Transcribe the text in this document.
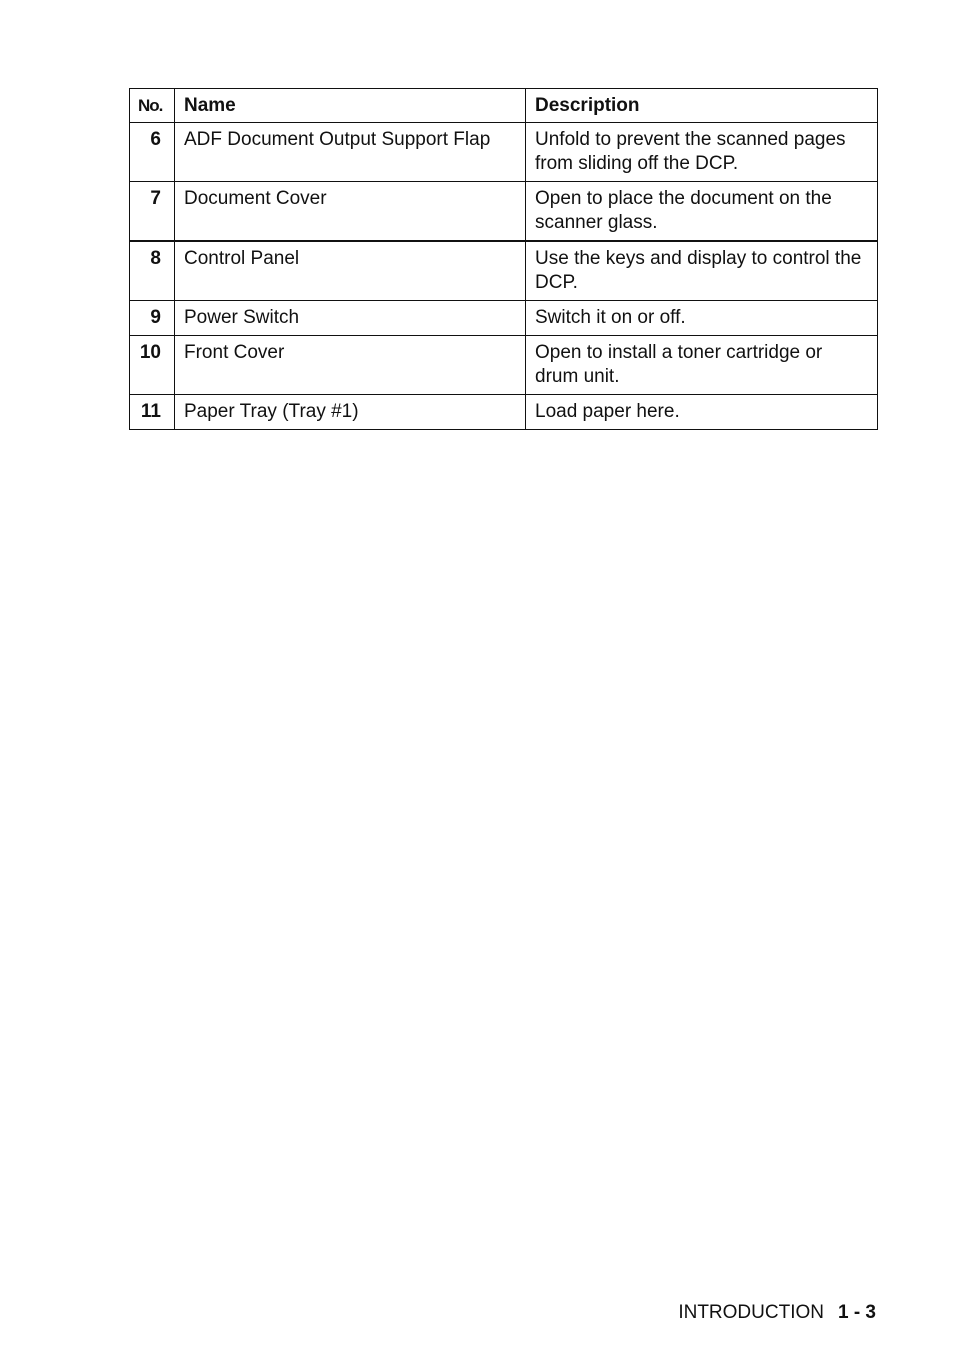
No.	Name	Description
6	ADF Document Output Support Flap	Unfold to prevent the scanned pages from sliding off the DCP.
7	Document Cover	Open to place the document on the scanner glass.
8	Control Panel	Use the keys and display to control the DCP.
9	Power Switch	Switch it on or off.
10	Front Cover	Open to install a toner cartridge or drum unit.
11	Paper Tray (Tray #1)	Load paper here.
INTRODUCTION 1 - 3
